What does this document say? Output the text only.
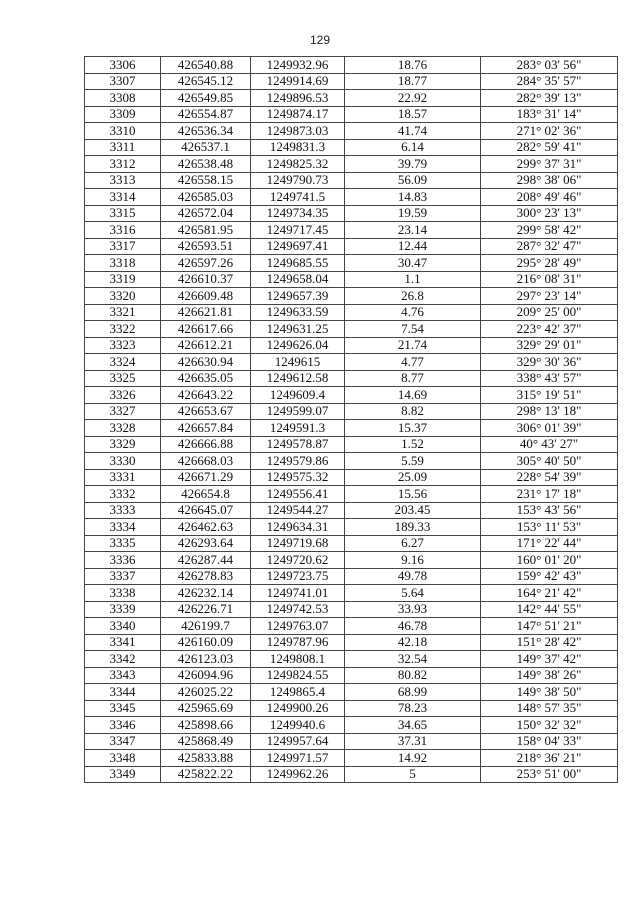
129
3306	426540.88	1249932.96	18.76	283° 03' 56"
3307	426545.12	1249914.69	18.77	284° 35' 57"
3308	426549.85	1249896.53	22.92	282° 39' 13"
3309	426554.87	1249874.17	18.57	183° 31' 14"
3310	426536.34	1249873.03	41.74	271° 02' 36"
3311	426537.1	1249831.3	6.14	282° 59' 41"
3312	426538.48	1249825.32	39.79	299° 37' 31"
3313	426558.15	1249790.73	56.09	298° 38' 06"
3314	426585.03	1249741.5	14.83	208° 49' 46"
3315	426572.04	1249734.35	19.59	300° 23' 13"
3316	426581.95	1249717.45	23.14	299° 58' 42"
3317	426593.51	1249697.41	12.44	287° 32' 47"
3318	426597.26	1249685.55	30.47	295° 28' 49"
3319	426610.37	1249658.04	1.1	216° 08' 31"
3320	426609.48	1249657.39	26.8	297° 23' 14"
3321	426621.81	1249633.59	4.76	209° 25' 00"
3322	426617.66	1249631.25	7.54	223° 42' 37"
3323	426612.21	1249626.04	21.74	329° 29' 01"
3324	426630.94	1249615	4.77	329° 30' 36"
3325	426635.05	1249612.58	8.77	338° 43' 57"
3326	426643.22	1249609.4	14.69	315° 19' 51"
3327	426653.67	1249599.07	8.82	298° 13' 18"
3328	426657.84	1249591.3	15.37	306° 01' 39"
3329	426666.88	1249578.87	1.52	40° 43' 27"
3330	426668.03	1249579.86	5.59	305° 40' 50"
3331	426671.29	1249575.32	25.09	228° 54' 39"
3332	426654.8	1249556.41	15.56	231° 17' 18"
3333	426645.07	1249544.27	203.45	153° 43' 56"
3334	426462.63	1249634.31	189.33	153° 11' 53"
3335	426293.64	1249719.68	6.27	171° 22' 44"
3336	426287.44	1249720.62	9.16	160° 01' 20"
3337	426278.83	1249723.75	49.78	159° 42' 43"
3338	426232.14	1249741.01	5.64	164° 21' 42"
3339	426226.71	1249742.53	33.93	142° 44' 55"
3340	426199.7	1249763.07	46.78	147° 51' 21"
3341	426160.09	1249787.96	42.18	151° 28' 42"
3342	426123.03	1249808.1	32.54	149° 37' 42"
3343	426094.96	1249824.55	80.82	149° 38' 26"
3344	426025.22	1249865.4	68.99	149° 38' 50"
3345	425965.69	1249900.26	78.23	148° 57' 35"
3346	425898.66	1249940.6	34.65	150° 32' 32"
3347	425868.49	1249957.64	37.31	158° 04' 33"
3348	425833.88	1249971.57	14.92	218° 36' 21"
3349	425822.22	1249962.26	5	253° 51' 00"
